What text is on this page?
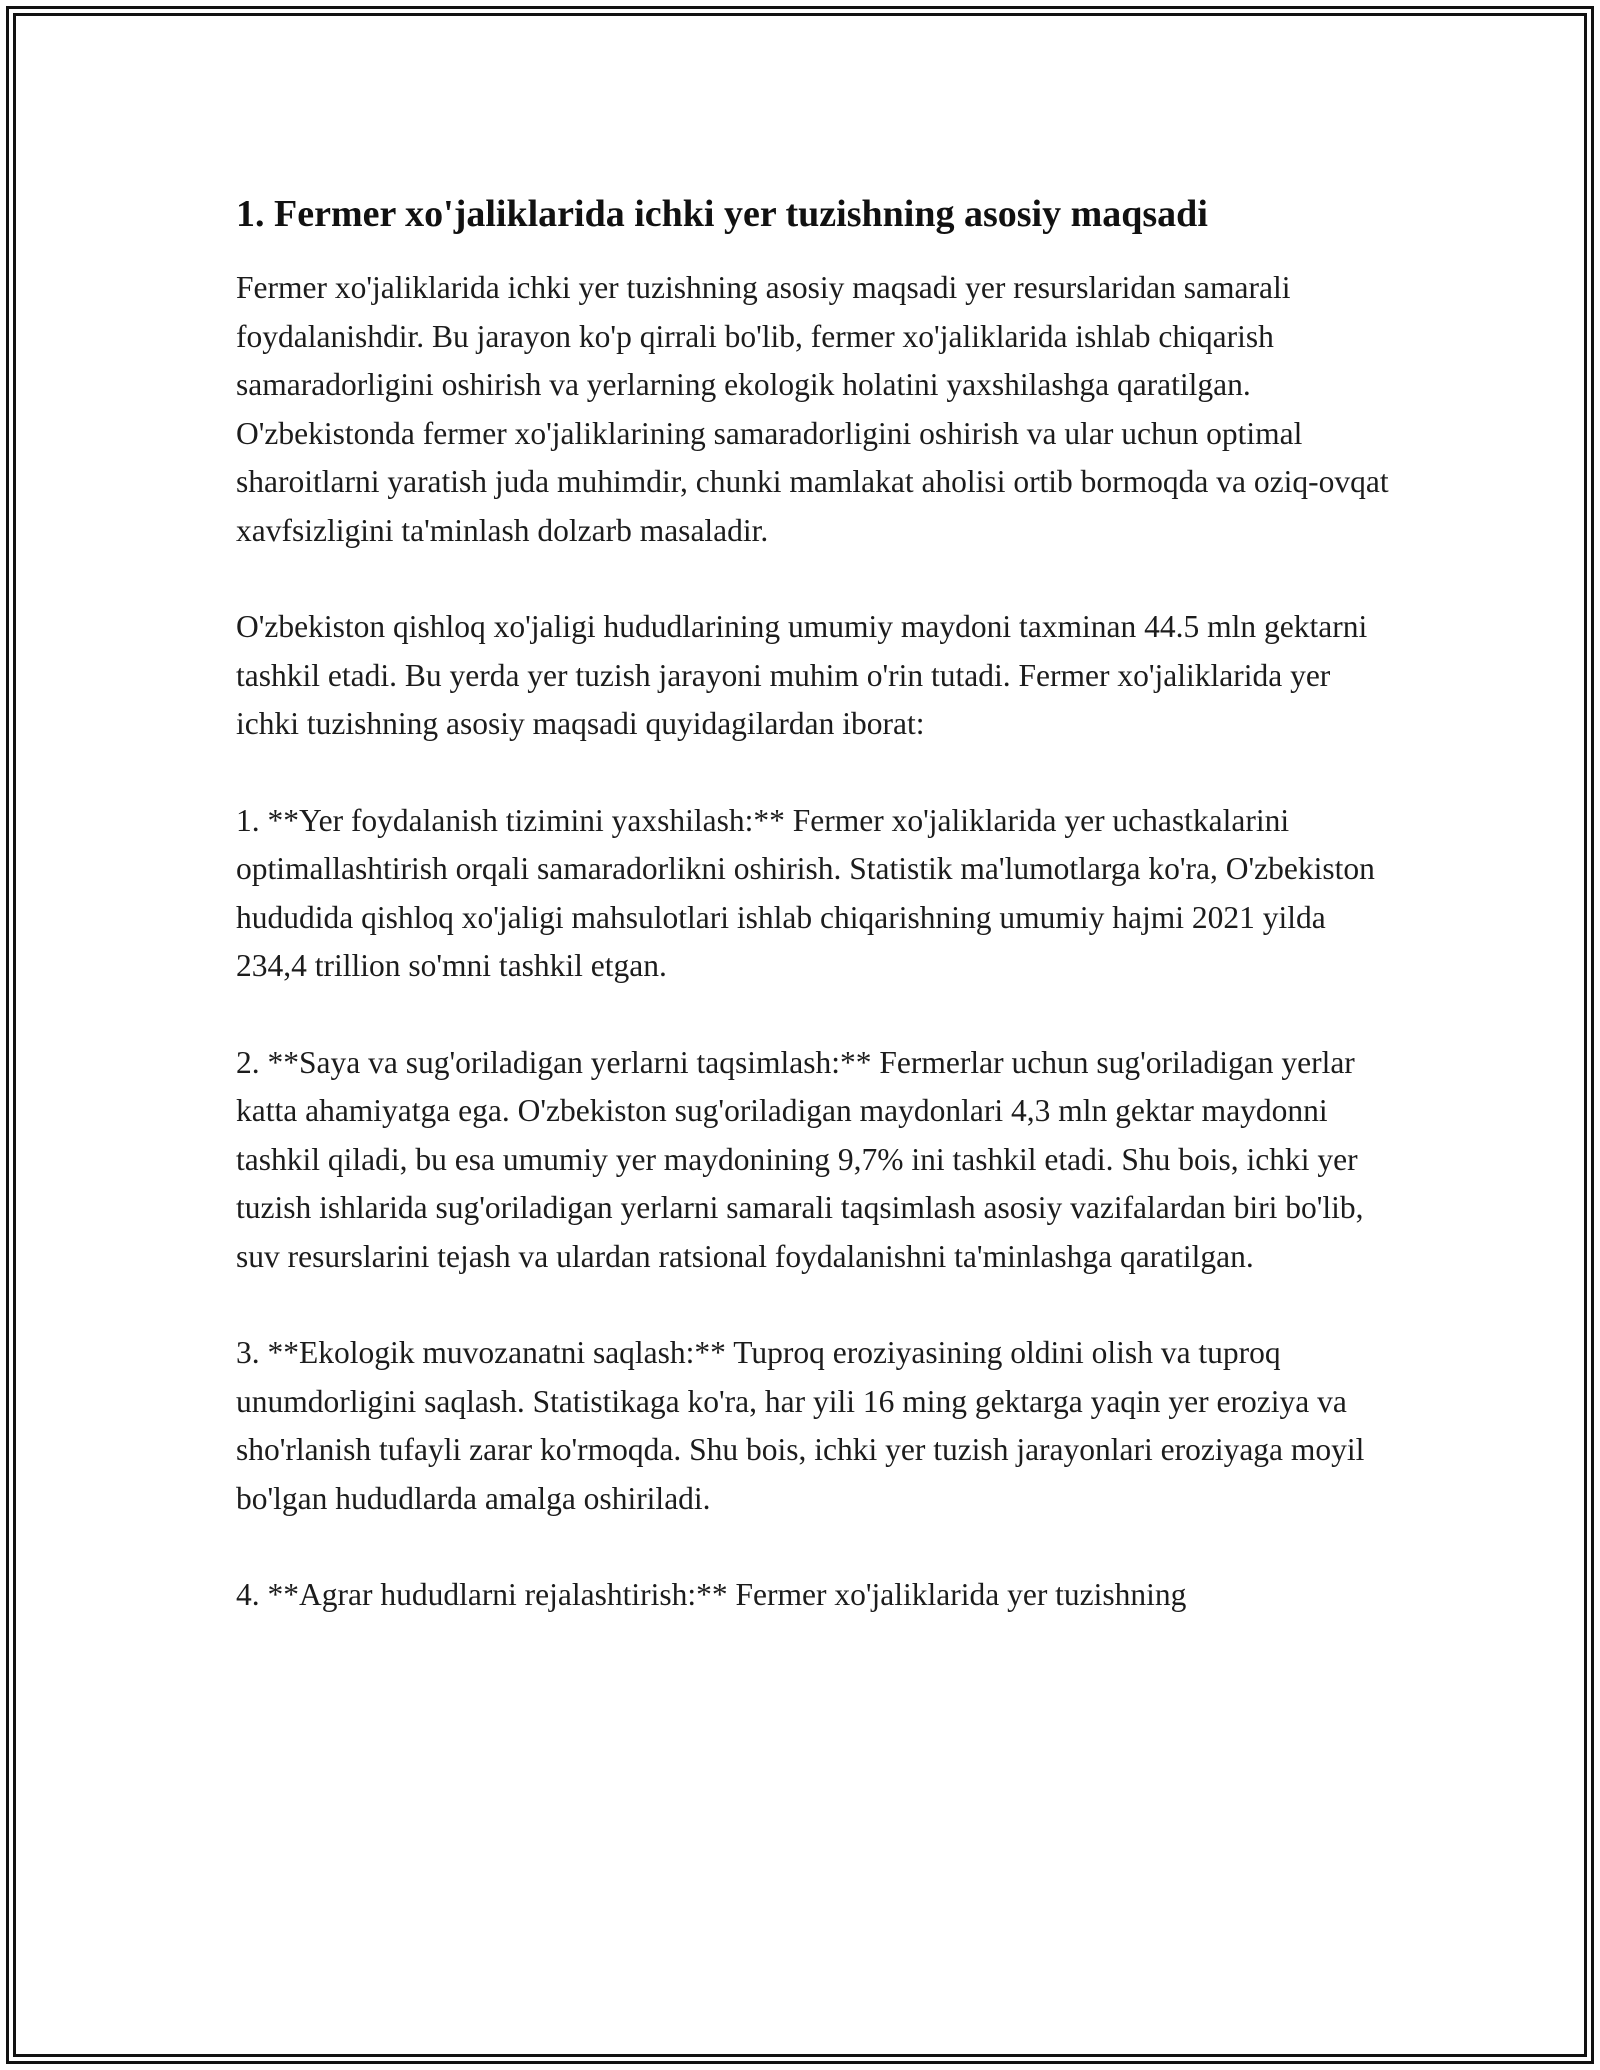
1. Fermer xo'jaliklarida ichki yer tuzishning asosiy maqsadi

Fermer xo'jaliklarida ichki yer tuzishning asosiy maqsadi yer resurslaridan samarali foydalanishdir. Bu jarayon ko'p qirrali bo'lib, fermer xo'jaliklarida ishlab chiqarish samaradorligini oshirish va yerlarning ekologik holatini yaxshilashga qaratilgan. O'zbekistonda fermer xo'jaliklarining samaradorligini oshirish va ular uchun optimal sharoitlarni yaratish juda muhimdir, chunki mamlakat aholisi ortib bormoqda va oziq-ovqat xavfsizligini ta'minlash dolzarb masaladir.

O'zbekiston qishloq xo'jaligi hududlarining umumiy maydoni taxminan 44.5 mln gektarni tashkil etadi. Bu yerda yer tuzish jarayoni muhim o'rin tutadi. Fermer xo'jaliklarida yer ichki tuzishning asosiy maqsadi quyidagilardan iborat:

1. **Yer foydalanish tizimini yaxshilash:** Fermer xo'jaliklarida yer uchastkalarini optimallashtirish orqali samaradorlikni oshirish. Statistik ma'lumotlarga ko'ra, O'zbekiston hududida qishloq xo'jaligi mahsulotlari ishlab chiqarishning umumiy hajmi 2021 yilda 234,4 trillion so'mni tashkil etgan.

2. **Saya va sug'oriladigan yerlarni taqsimlash:** Fermerlar uchun sug'oriladigan yerlar katta ahamiyatga ega. O'zbekiston sug'oriladigan maydonlari 4,3 mln gektar maydonni tashkil qiladi, bu esa umumiy yer maydonining 9,7% ini tashkil etadi. Shu bois, ichki yer tuzish ishlarida sug'oriladigan yerlarni samarali taqsimlash asosiy vazifalardan biri bo'lib, suv resurslarini tejash va ulardan ratsional foydalanishni ta'minlashga qaratilgan.

3. **Ekologik muvozanatni saqlash:** Tuproq eroziyasining oldini olish va tuproq unumdorligini saqlash. Statistikaga ko'ra, har yili 16 ming gektarga yaqin yer eroziya va sho'rlanish tufayli zarar ko'rmoqda. Shu bois, ichki yer tuzish jarayonlari eroziyaga moyil bo'lgan hududlarda amalga oshiriladi.

4. **Agrar hududlarni rejalashtirish:** Fermer xo'jaliklarida yer tuzishning
